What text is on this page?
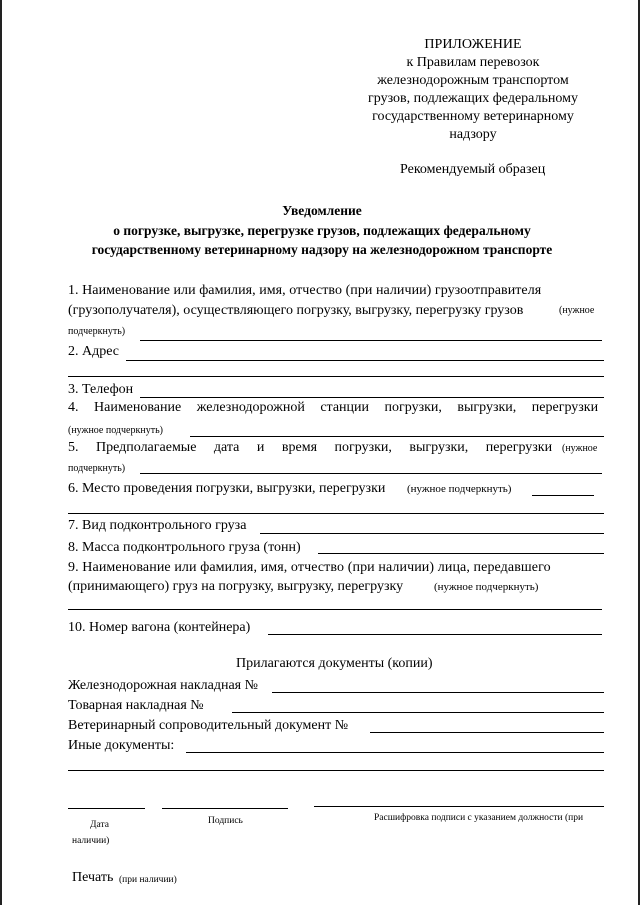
ПРИЛОЖЕНИЕ
к Правилам перевозок
железнодорожным транспортом
грузов, подлежащих федеральному
государственному ветеринарному
надзору
Рекомендуемый образец
Уведомление
о погрузке, выгрузке, перегрузке грузов, подлежащих федеральному
государственному ветеринарному надзору на железнодорожном транспорте
1. Наименование или фамилия, имя, отчество (при наличии) грузоотправителя
(грузополучателя), осуществляющего погрузку, выгрузку, перегрузку грузов	(нужное
подчеркнуть)
2. Адрес
3. Телефон
4. Наименование железнодорожной станции погрузки, выгрузки, перегрузки
(нужное подчеркнуть)
5. Предполагаемые дата и время погрузки, выгрузки, перегрузки (нужное
подчеркнуть)
6. Место проведения погрузки, выгрузки, перегрузки (нужное подчеркнуть)
7. Вид подконтрольного груза
8. Масса подконтрольного груза (тонн)
9. Наименование или фамилия, имя, отчество (при наличии) лица, передавшего
(принимающего) груз на погрузку, выгрузку, перегрузку	(нужное подчеркнуть)
10. Номер вагона (контейнера)
Прилагаются документы (копии)
Железнодорожная накладная №
Товарная накладная №
Ветеринарный сопроводительный документ №
Иные документы:
Дата
наличии)
Подпись	Расшифровка подписи с указанием должности (при
Печать (при наличии)
